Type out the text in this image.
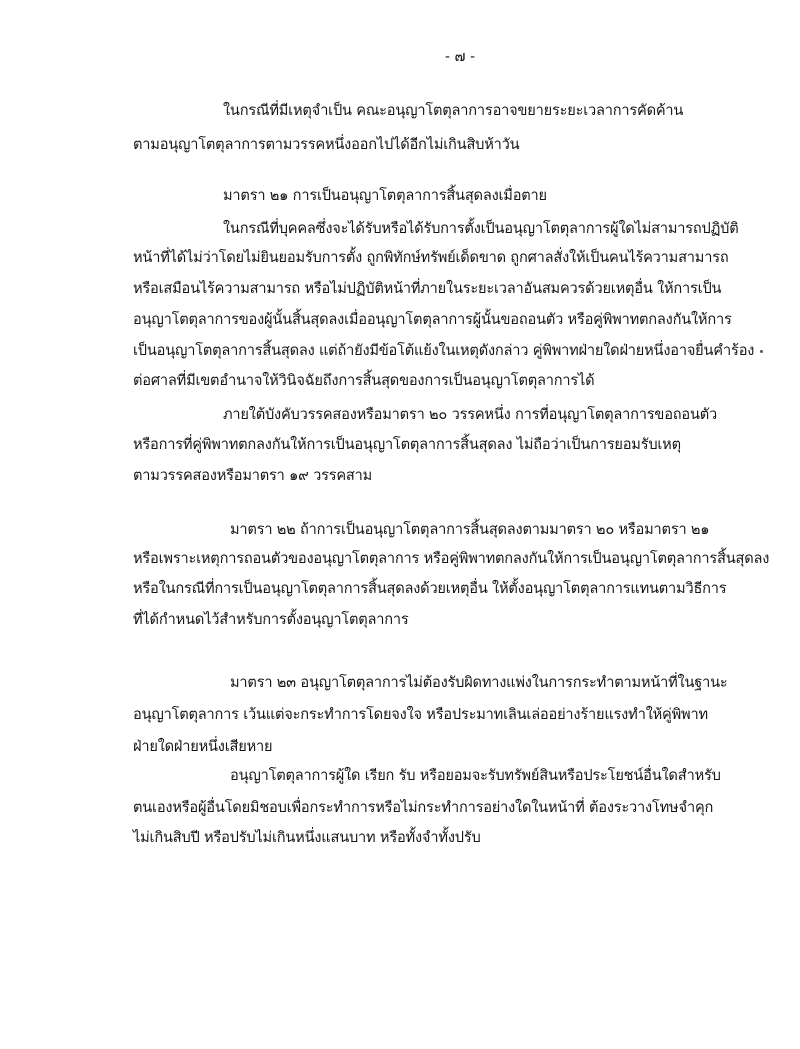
- ๗ -
ในกรณีที่มีเหตุจำเป็น คณะอนุญาโตตุลาการอาจขยายระยะเวลาการคัดค้าน
ตามอนุญาโตตุลาการตามวรรคหนึ่งออกไปได้อีกไม่เกินสิบห้าวัน
มาตรา ๒๑ การเป็นอนุญาโตตุลาการสิ้นสุดลงเมื่อตาย
ในกรณีที่บุคคลซึ่งจะได้รับหรือได้รับการตั้งเป็นอนุญาโตตุลาการผู้ใดไม่สามารถปฏิบัติ
หน้าที่ได้ไม่ว่าโดยไม่ยินยอมรับการตั้ง ถูกพิทักษ์ทรัพย์เด็ดขาด ถูกศาลสั่งให้เป็นคนไร้ความสามารถ
หรือเสมือนไร้ความสามารถ หรือไม่ปฏิบัติหน้าที่ภายในระยะเวลาอันสมควรด้วยเหตุอื่น ให้การเป็น
อนุญาโตตุลาการของผู้นั้นสิ้นสุดลงเมื่ออนุญาโตตุลาการผู้นั้นขอถอนตัว หรือคู่พิพาทตกลงกันให้การ
เป็นอนุญาโตตุลาการสิ้นสุดลง แต่ถ้ายังมีข้อโต้แย้งในเหตุดังกล่าว คู่พิพาทฝ่ายใดฝ่ายหนึ่งอาจยื่นคำร้อง
ต่อศาลที่มีเขตอำนาจให้วินิจฉัยถึงการสิ้นสุดของการเป็นอนุญาโตตุลาการได้
ภายใต้บังคับวรรคสองหรือมาตรา ๒๐ วรรคหนึ่ง การที่อนุญาโตตุลาการขอถอนตัว
หรือการที่คู่พิพาทตกลงกันให้การเป็นอนุญาโตตุลาการสิ้นสุดลง ไม่ถือว่าเป็นการยอมรับเหตุ
ตามวรรคสองหรือมาตรา ๑๙ วรรคสาม
มาตรา ๒๒ ถ้าการเป็นอนุญาโตตุลาการสิ้นสุดลงตามมาตรา ๒๐ หรือมาตรา ๒๑
หรือเพราะเหตุการถอนตัวของอนุญาโตตุลาการ หรือคู่พิพาทตกลงกันให้การเป็นอนุญาโตตุลาการสิ้นสุดลง
หรือในกรณีที่การเป็นอนุญาโตตุลาการสิ้นสุดลงด้วยเหตุอื่น ให้ตั้งอนุญาโตตุลาการแทนตามวิธีการ
ที่ได้กำหนดไว้สำหรับการตั้งอนุญาโตตุลาการ
มาตรา ๒๓ อนุญาโตตุลาการไม่ต้องรับผิดทางแพ่งในการกระทำตามหน้าที่ในฐานะ
อนุญาโตตุลาการ เว้นแต่จะกระทำการโดยจงใจ หรือประมาทเลินเล่ออย่างร้ายแรงทำให้คู่พิพาท
ฝ่ายใดฝ่ายหนึ่งเสียหาย
อนุญาโตตุลาการผู้ใด เรียก รับ หรือยอมจะรับทรัพย์สินหรือประโยชน์อื่นใดสำหรับ
ตนเองหรือผู้อื่นโดยมิชอบเพื่อกระทำการหรือไม่กระทำการอย่างใดในหน้าที่ ต้องระวางโทษจำคุก
ไม่เกินสิบปี หรือปรับไม่เกินหนึ่งแสนบาท หรือทั้งจำทั้งปรับ
